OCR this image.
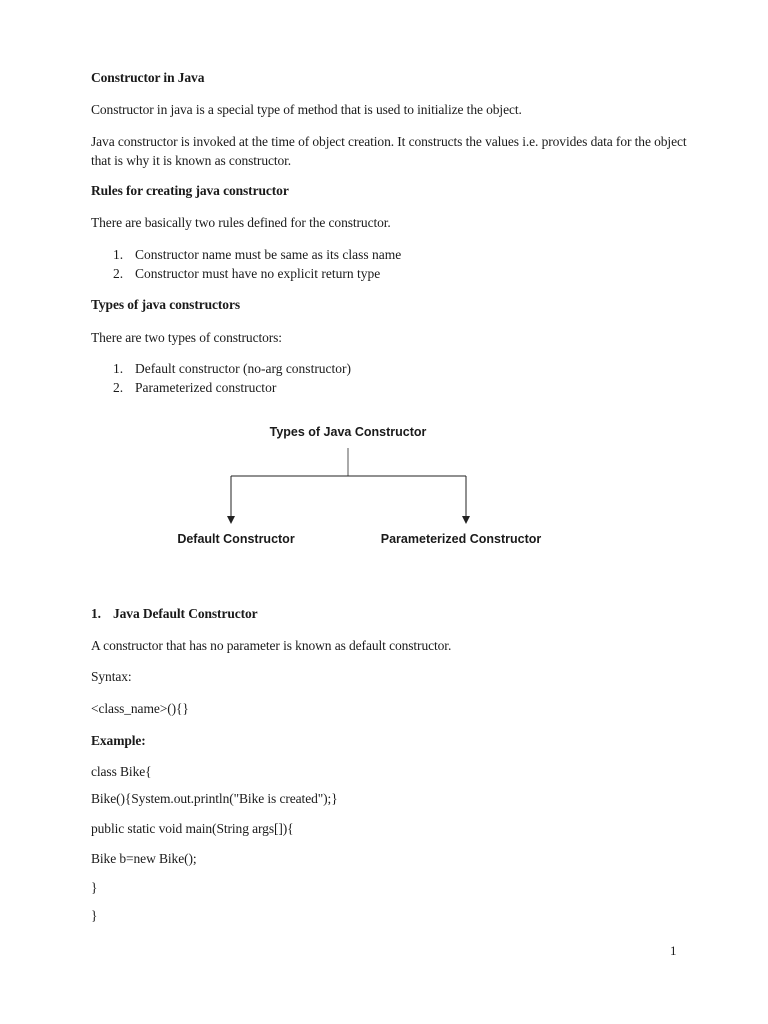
Constructor in Java
Constructor in java is a special type of method that is used to initialize the object.
Java constructor is invoked at the time of object creation. It constructs the values i.e. provides data for the object that is why it is known as constructor.
Rules for creating java constructor
There are basically two rules defined for the constructor.
1. Constructor name must be same as its class name
2. Constructor must have no explicit return type
Types of java constructors
There are two types of constructors:
1. Default constructor (no-arg constructor)
2. Parameterized constructor
Types of Java Constructor
Default Constructor	Parameterized Constructor
1. Java Default Constructor
A constructor that has no parameter is known as default constructor.
Syntax:
<class_name>(){}
Example:
class Bike{
Bike(){System.out.println("Bike is created");}
public static void main(String args[]){
Bike b=new Bike();
}
}
1
